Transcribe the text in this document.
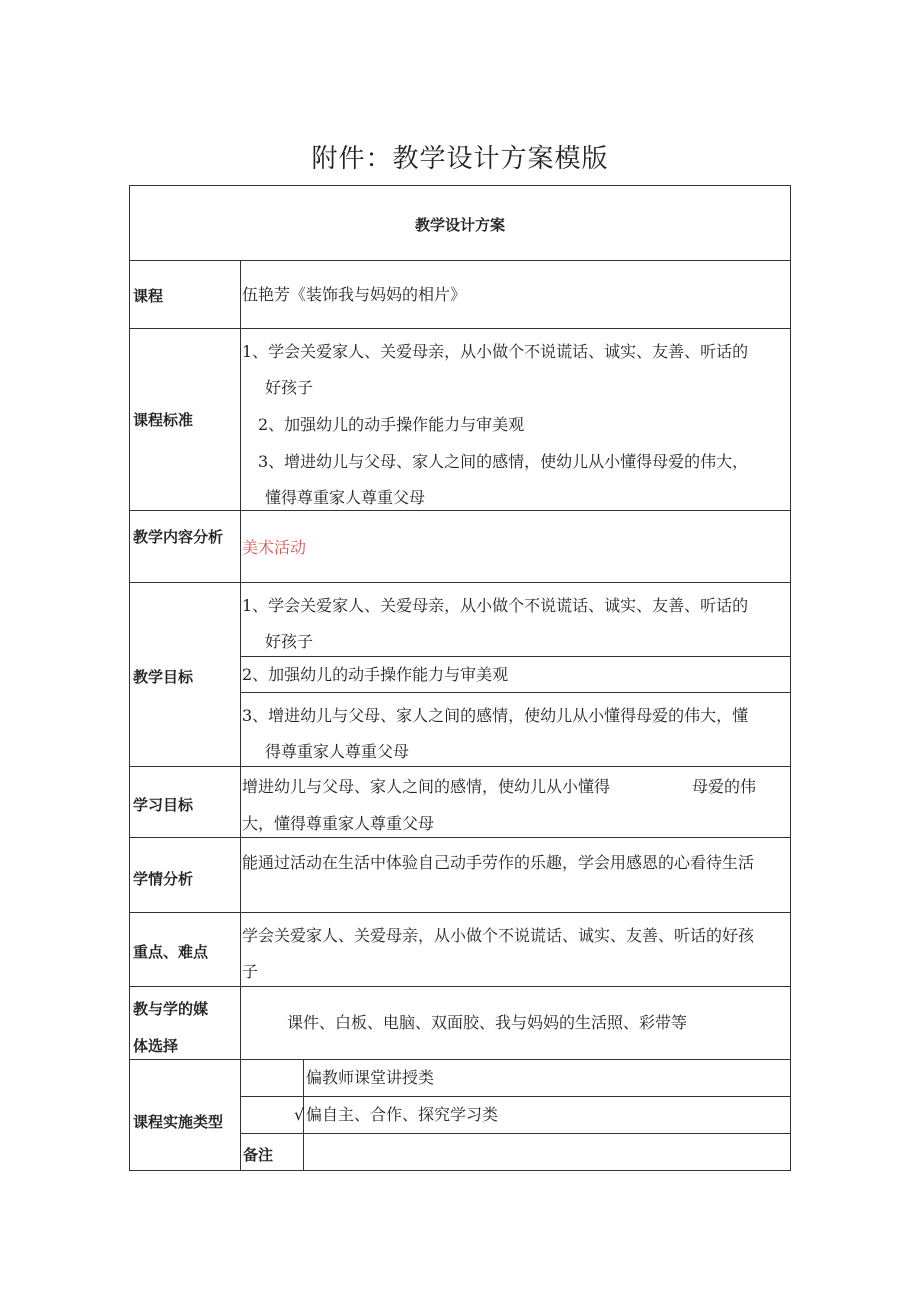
附件：教学设计方案模版
教学设计方案
课程	伍艳芳《装饰我与妈妈的相片》
课程标准
1、学会关爱家人、关爱母亲，从小做个不说谎话、诚实、友善、听话的
好孩子
2、加强幼儿的动手操作能力与审美观
3、增进幼儿与父母、家人之间的感情，使幼儿从小懂得母爱的伟大，
懂得尊重家人尊重父母
教学内容分析
美术活动
教学目标
1、学会关爱家人、关爱母亲，从小做个不说谎话、诚实、友善、听话的
好孩子
2、加强幼儿的动手操作能力与审美观
3、增进幼儿与父母、家人之间的感情，使幼儿从小懂得母爱的伟大，懂
得尊重家人尊重父母
学习目标
增进幼儿与父母、家人之间的感情，使幼儿从小懂得	母爱的伟
大，懂得尊重家人尊重父母
学情分析
能通过活动在生活中体验自己动手劳作的乐趣，学会用感恩的心看待生活
重点、难点
学会关爱家人、关爱母亲，从小做个不说谎话、诚实、友善、听话的好孩
子
教与学的媒
体选择
课件、白板、电脑、双面胶、我与妈妈的生活照、彩带等
课程实施类型
偏教师课堂讲授类
√ 偏自主、合作、探究学习类
备注
